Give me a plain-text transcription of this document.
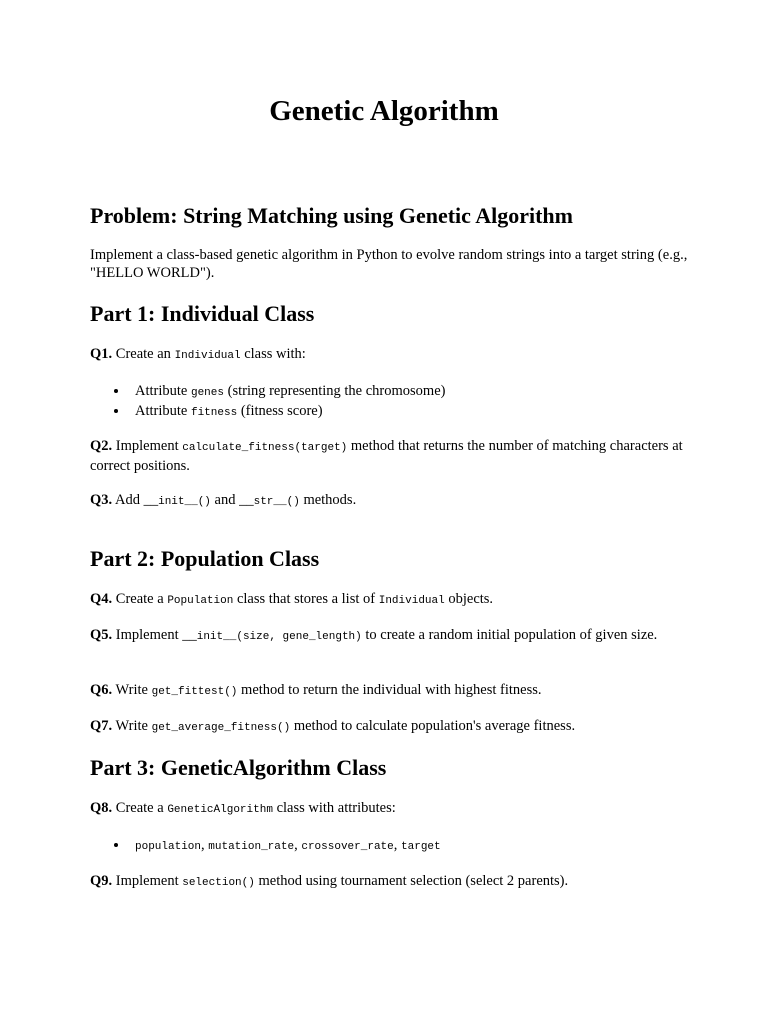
Genetic Algorithm
Problem: String Matching using Genetic Algorithm

Implement a class-based genetic algorithm in Python to evolve random strings into a target string (e.g., "HELLO WORLD").

Part 1: Individual Class

Q1. Create an Individual class with:

Attribute genes (string representing the chromosome)
Attribute fitness (fitness score)

Q2. Implement calculate_fitness(target) method that returns the number of matching characters at correct positions.

Q3. Add __init__() and __str__() methods.

Part 2: Population Class

Q4. Create a Population class that stores a list of Individual objects.

Q5. Implement __init__(size, gene_length) to create a random initial population of given size.

Q6. Write get_fittest() method to return the individual with highest fitness.

Q7. Write get_average_fitness() method to calculate population's average fitness.

Part 3: GeneticAlgorithm Class

Q8. Create a GeneticAlgorithm class with attributes:

population, mutation_rate, crossover_rate, target

Q9. Implement selection() method using tournament selection (select 2 parents).
